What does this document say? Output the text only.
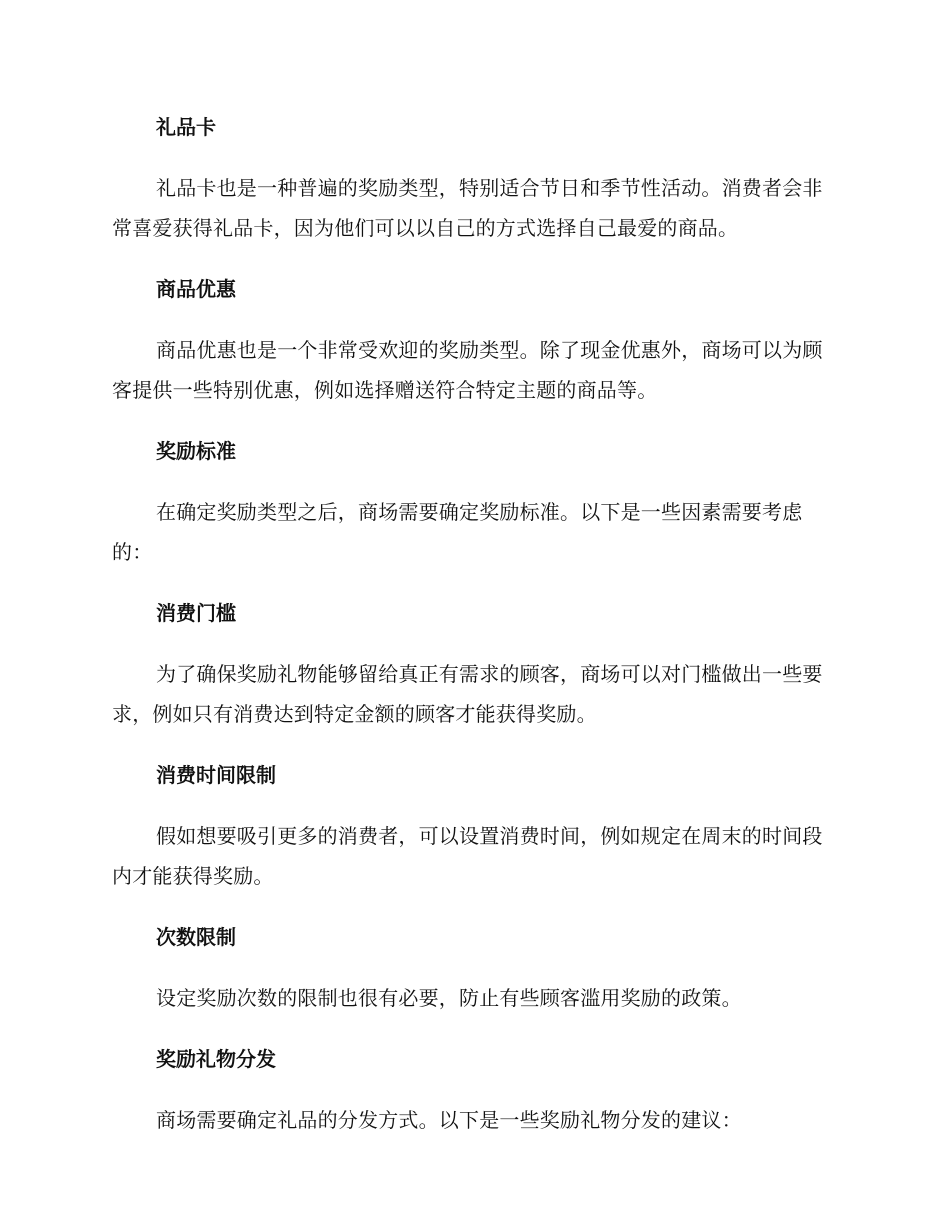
礼品卡

礼品卡也是一种普遍的奖励类型，特别适合节日和季节性活动。消费者会非常喜爱获得礼品卡，因为他们可以以自己的方式选择自己最爱的商品。

商品优惠

商品优惠也是一个非常受欢迎的奖励类型。除了现金优惠外，商场可以为顾客提供一些特别优惠，例如选择赠送符合特定主题的商品等。

奖励标准

在确定奖励类型之后，商场需要确定奖励标准。以下是一些因素需要考虑的：

消费门槛

为了确保奖励礼物能够留给真正有需求的顾客，商场可以对门槛做出一些要求，例如只有消费达到特定金额的顾客才能获得奖励。

消费时间限制

假如想要吸引更多的消费者，可以设置消费时间，例如规定在周末的时间段内才能获得奖励。

次数限制

设定奖励次数的限制也很有必要，防止有些顾客滥用奖励的政策。

奖励礼物分发

商场需要确定礼品的分发方式。以下是一些奖励礼物分发的建议：
